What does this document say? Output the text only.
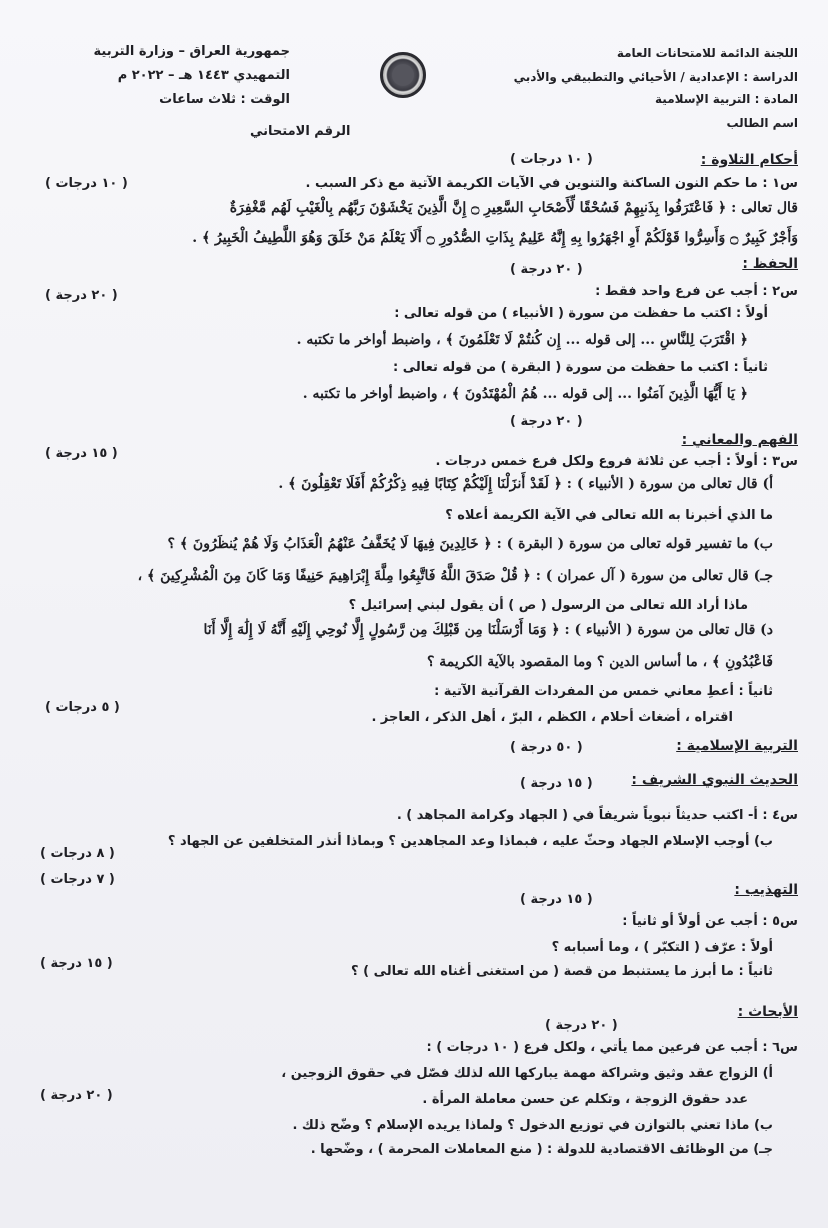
اللجنة الدائمة للامتحانات العامة
الدراسة : الإعدادية / الأحيائي والتطبيقي والأدبي
المادة : التربية الإسلامية
اسم الطالب
جمهورية العراق – وزارة التربية
التمهيدي ١٤٤٣ هـ – ٢٠٢٢ م
الوقت : ثلاث ساعات
الرقم الامتحاني
أحكام التلاوة :
( ١٠ درجات )
س١ : ما حكم النون الساكنة والتنوين في الآيات الكريمة الآتية مع ذكر السبب .
( ١٠ درجات )
قال تعالى : ﴿ فَاعْتَرَفُوا بِذَنبِهِمْ فَسُحْقًا لِّأَصْحَابِ السَّعِيرِ ۝ إِنَّ الَّذِينَ يَخْشَوْنَ رَبَّهُم بِالْغَيْبِ لَهُم مَّغْفِرَةٌ
وَأَجْرٌ كَبِيرٌ ۝ وَأَسِرُّوا قَوْلَكُمْ أَوِ اجْهَرُوا بِهِ إِنَّهُ عَلِيمٌ بِذَاتِ الصُّدُورِ ۝ أَلَا يَعْلَمُ مَنْ خَلَقَ وَهُوَ اللَّطِيفُ الْخَبِيرُ ﴾ .
الحفظ :
( ٢٠ درجة )
س٢ : أجب عن فرع واحد فقط :
( ٢٠ درجة )
أولاً : اكتب ما حفظت من سورة ( الأنبياء ) من قوله تعالى :
﴿ اقْتَرَبَ لِلنَّاسِ ... إلى قوله ... إِن كُنتُمْ لَا تَعْلَمُونَ ﴾ ، واضبط أواخر ما تكتبه .
ثانياً : اكتب ما حفظت من سورة ( البقرة ) من قوله تعالى :
﴿ يَا أَيُّهَا الَّذِينَ آمَنُوا ... إلى قوله ... هُمُ الْمُهْتَدُونَ ﴾ ، واضبط أواخر ما تكتبه .
( ٢٠ درجة )
الفهم والمعاني :
س٣ : أولاً : أجب عن ثلاثة فروع ولكل فرع خمس درجات .
( ١٥ درجة )
أ) قال تعالى من سورة ( الأنبياء ) : ﴿ لَقَدْ أَنزَلْنَا إِلَيْكُمْ كِتَابًا فِيهِ ذِكْرُكُمْ أَفَلَا تَعْقِلُونَ ﴾ .
ما الذي أخبرنا به الله تعالى في الآية الكريمة أعلاه ؟
ب) ما تفسير قوله تعالى من سورة ( البقرة ) : ﴿ خَالِدِينَ فِيهَا لَا يُخَفَّفُ عَنْهُمُ الْعَذَابُ وَلَا هُمْ يُنظَرُونَ ﴾ ؟
جـ) قال تعالى من سورة ( آل عمران ) : ﴿ قُلْ صَدَقَ اللَّهُ فَاتَّبِعُوا مِلَّةَ إِبْرَاهِيمَ حَنِيفًا وَمَا كَانَ مِنَ الْمُشْرِكِينَ ﴾ ،
ماذا أراد الله تعالى من الرسول ( ص ) أن يقول لبني إسرائيل ؟
د) قال تعالى من سورة ( الأنبياء ) : ﴿ وَمَا أَرْسَلْنَا مِن قَبْلِكَ مِن رَّسُولٍ إِلَّا نُوحِي إِلَيْهِ أَنَّهُ لَا إِلَٰهَ إِلَّا أَنَا
فَاعْبُدُونِ ﴾ ، ما أساس الدين ؟ وما المقصود بالآية الكريمة ؟
ثانياً : أعطِ معاني خمس من المفردات القرآنية الآتية :
( ٥ درجات )
اقتراه ، أضغاث أحلام ، الكظم ، البرّ ، أهل الذكر ، العاجز .
التربية الإسلامية :
( ٥٠ درجة )
الحديث النبوي الشريف :
( ١٥ درجة )
س٤ : أ- اكتب حديثاً نبوياً شريفاً في ( الجهاد وكرامة المجاهد ) .
( ٨ درجات )
ب) أوجب الإسلام الجهاد وحثّ عليه ، فبماذا وعد المجاهدين ؟ وبماذا أنذر المتخلفين عن الجهاد ؟
( ٧ درجات )
التهذيب :
( ١٥ درجة )
س٥ : أجب عن أولاً أو ثانياً :
أولاً : عرّف ( التكبّر ) ، وما أسبابه ؟
( ١٥ درجة )
ثانياً : ما أبرز ما يستنبط من قصة ( من استغنى أغناه الله تعالى ) ؟
الأبحاث :
( ٢٠ درجة )
س٦ : أجب عن فرعين مما يأتي ، ولكل فرع ( ١٠ درجات ) :
أ) الزواج عقد وثيق وشراكة مهمة يباركها الله لذلك فصّل في حقوق الزوجين ،
( ٢٠ درجة )	عدد حقوق الزوجة ، وتكلم عن حسن معاملة المرأة .
ب) ماذا تعني بالتوازن في توزيع الدخول ؟ ولماذا يريده الإسلام ؟ وضّح ذلك .
جـ) من الوظائف الاقتصادية للدولة : ( منع المعاملات المحرمة ) ، وضّحها .
